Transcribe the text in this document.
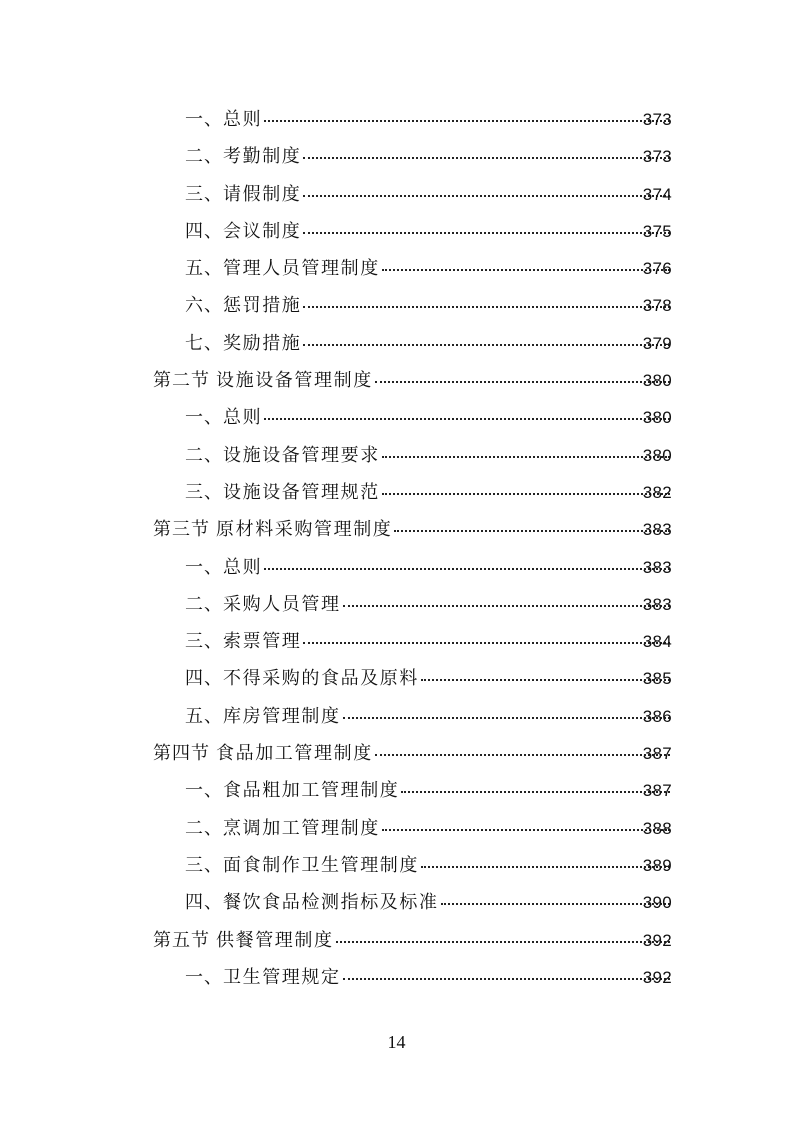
一、 总则	373
二、 考勤制度	373
三、 请假制度	374
四、 会议制度	375
五、 管理人员管理制度	376
六、 惩罚措施	378
七、 奖励措施	379
第二节 设施设备管理制度	380
一、 总则	380
二、 设施设备管理要求	380
三、 设施设备管理规范	382
第三节 原材料采购管理制度	383
一、 总则	383
二、 采购人员管理	383
三、 索票管理	384
四、 不得采购的食品及原料	385
五、 库房管理制度	386
第四节 食品加工管理制度	387
一、 食品粗加工管理制度	387
二、 烹调加工管理制度	388
三、 面食制作卫生管理制度	389
四、 餐饮食品检测指标及标准	390
第五节 供餐管理制度	392
一、 卫生管理规定	392
14
